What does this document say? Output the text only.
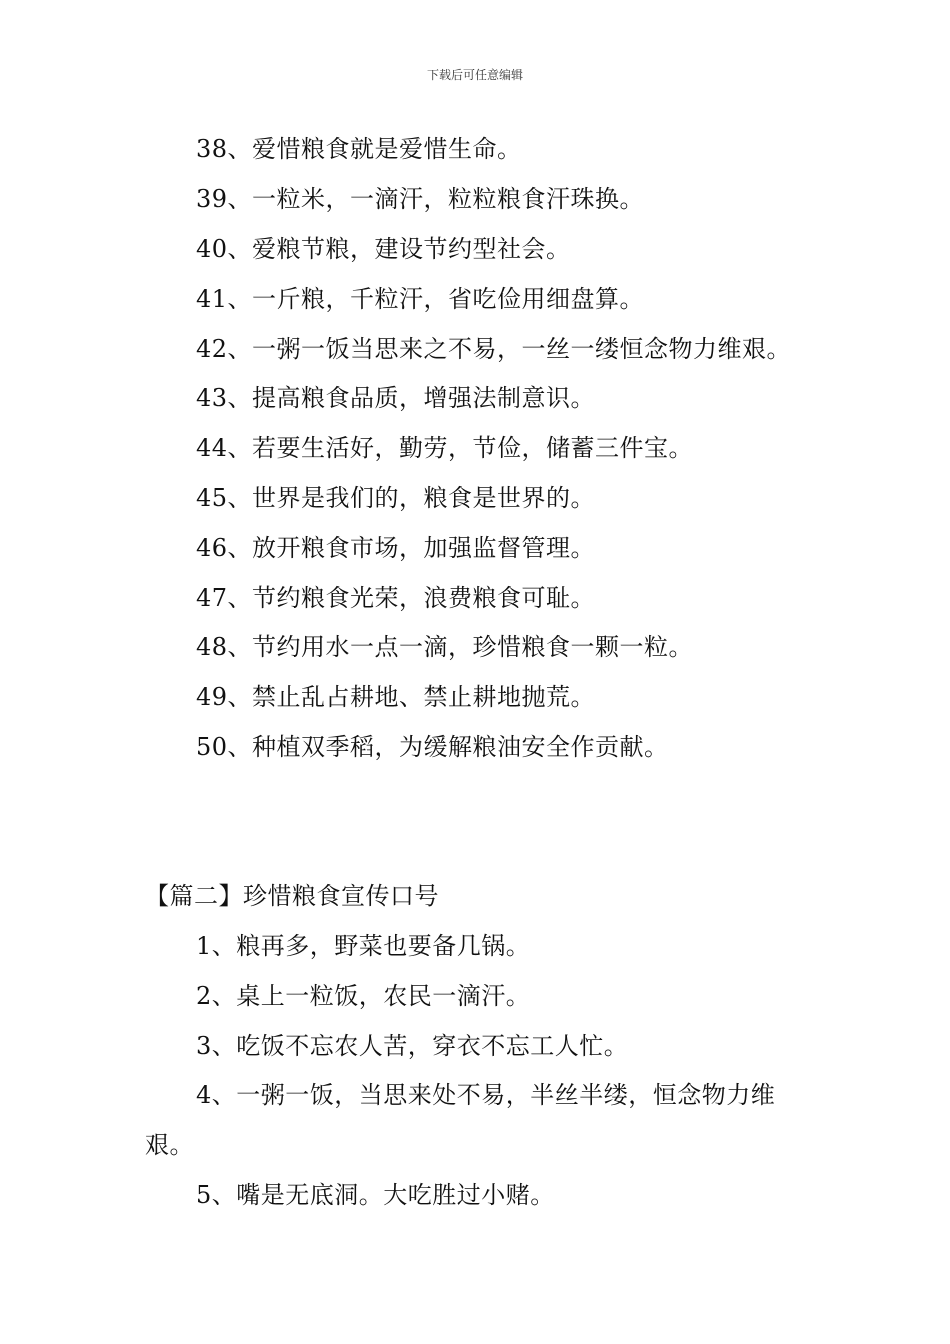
下载后可任意编辑
38、爱惜粮食就是爱惜生命。
39、一粒米，一滴汗，粒粒粮食汗珠换。
40、爱粮节粮，建设节约型社会。
41、一斤粮，千粒汗，省吃俭用细盘算。
42、一粥一饭当思来之不易，一丝一缕恒念物力维艰。
43、提高粮食品质，增强法制意识。
44、若要生活好，勤劳，节俭，储蓄三件宝。
45、世界是我们的，粮食是世界的。
46、放开粮食市场，加强监督管理。
47、节约粮食光荣，浪费粮食可耻。
48、节约用水一点一滴，珍惜粮食一颗一粒。
49、禁止乱占耕地、禁止耕地抛荒。
50、种植双季稻，为缓解粮油安全作贡献。
【篇二】珍惜粮食宣传口号
1、粮再多，野菜也要备几锅。
2、桌上一粒饭，农民一滴汗。
3、吃饭不忘农人苦，穿衣不忘工人忙。
4、一粥一饭，当思来处不易，半丝半缕，恒念物力维
艰。
5、嘴是无底洞。大吃胜过小赌。
